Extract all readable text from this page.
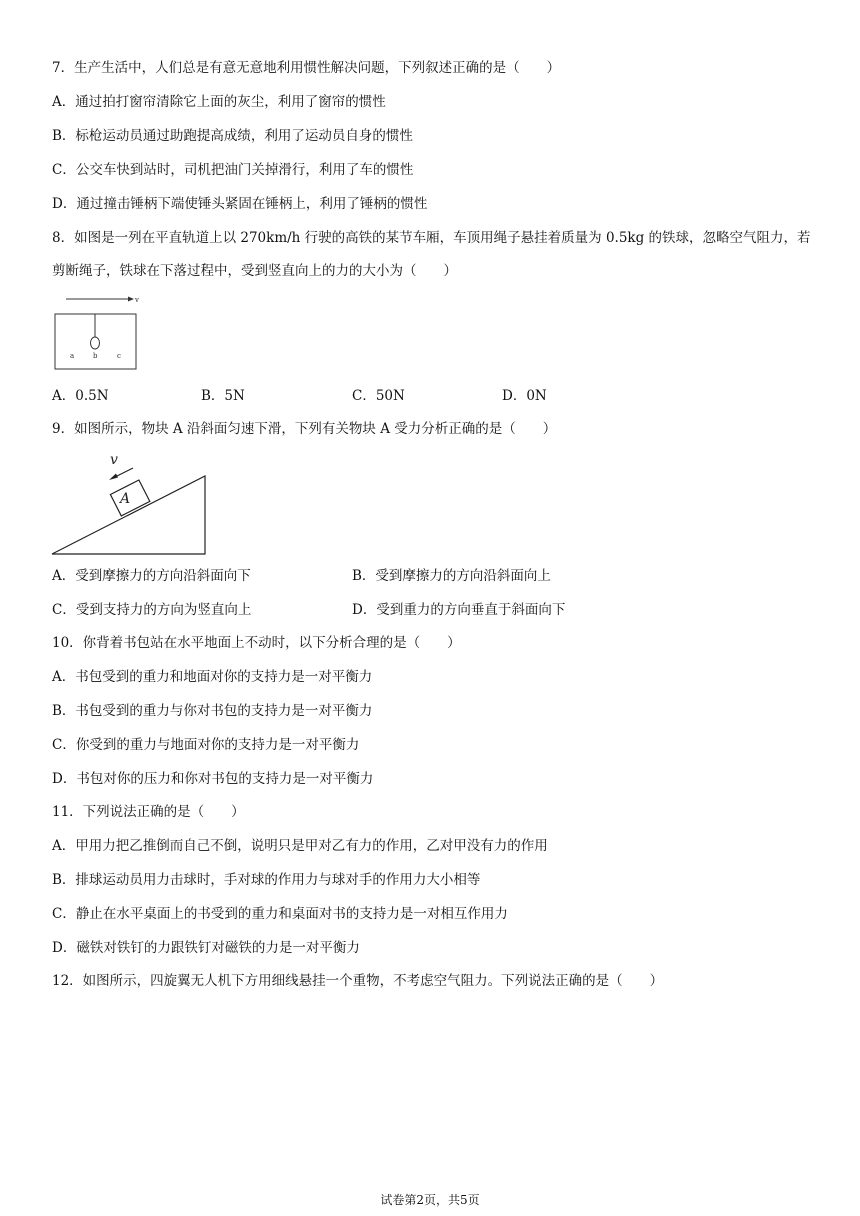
7．生产生活中，人们总是有意无意地利用惯性解决问题，下列叙述正确的是（　　）
A．通过拍打窗帘清除它上面的灰尘，利用了窗帘的惯性
B．标枪运动员通过助跑提高成绩，利用了运动员自身的惯性
C．公交车快到站时，司机把油门关掉滑行，利用了车的惯性
D．通过撞击锤柄下端使锤头紧固在锤柄上，利用了锤柄的惯性
8．如图是一列在平直轨道上以 270km/h 行驶的高铁的某节车厢，车顶用绳子悬挂着质量为 0.5kg 的铁球，忽略空气阻力，若剪断绳子，铁球在下落过程中，受到竖直向上的力的大小为（　　）
v
a	b	c
A．0.5N	B．5N	C．50N	D．0N
9．如图所示，物块 A 沿斜面匀速下滑，下列有关物块 A 受力分析正确的是（　　）
A
v
A．受到摩擦力的方向沿斜面向下	B．受到摩擦力的方向沿斜面向上
C．受到支持力的方向为竖直向上	D．受到重力的方向垂直于斜面向下
10．你背着书包站在水平地面上不动时，以下分析合理的是（　　）
A．书包受到的重力和地面对你的支持力是一对平衡力
B．书包受到的重力与你对书包的支持力是一对平衡力
C．你受到的重力与地面对你的支持力是一对平衡力
D．书包对你的压力和你对书包的支持力是一对平衡力
11．下列说法正确的是（　　）
A．甲用力把乙推倒而自己不倒，说明只是甲对乙有力的作用，乙对甲没有力的作用
B．排球运动员用力击球时，手对球的作用力与球对手的作用力大小相等
C．静止在水平桌面上的书受到的重力和桌面对书的支持力是一对相互作用力
D．磁铁对铁钉的力跟铁钉对磁铁的力是一对平衡力
12．如图所示，四旋翼无人机下方用细线悬挂一个重物，不考虑空气阻力。下列说法正确的是（　　）
试卷第2页，共5页
